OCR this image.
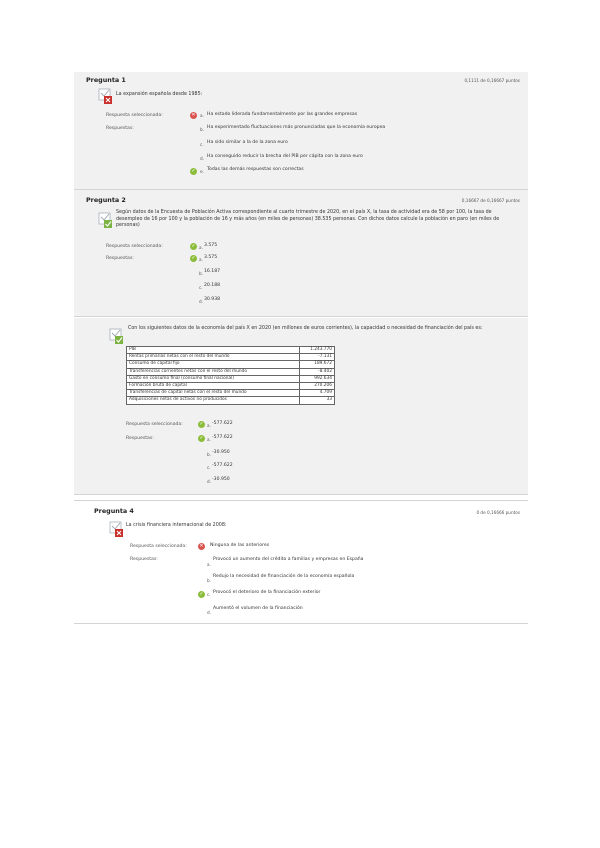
Pregunta 1	0,1111 de 0,16667 puntos
La expansión española desde 1985:
Respuesta seleccionada:	✕	a. Ha estado liderada fundamentalmente por las grandes empresas
Respuestas:	b. Ha experimentado fluctuaciones más pronunciadas que la economía europea
c. Ha sido similar a la de la zona euro
d. Ha conseguido reducir la brecha del PIB per cápita con la zona euro
✓	e. Todas las demás respuestas son correctas
Pregunta 2	0,16667 de 0,16667 puntos
Según datos de la Encuesta de Población Activa correspondiente al cuarto trimestre de 2020, en el país X, la tasa de actividad era de 58 por 100, la tasa de desempleo de 16 por 100 y la población de 16 y más años (en miles de personas) 38.535 personas. Con dichos datos calcule la población en paro (en miles de personas)
Respuesta seleccionada:	✓ a. 3.575
Respuestas:	✓ a. 3.575
b. 16.187
c. 20.188
d. 30.938
Con los siguientes datos de la economía del país X en 2020 (en millones de euros corrientes), la capacidad o necesidad de financiación del país es:
PIB	1.243.770
Rentas primarias netas con el resto del mundo	-7.131
Consumo de capital fijo	189.672
Transferencias corrientes netas con el resto del mundo	-8.402
Gasto en consumo final (consumo final nacional)	992.634
Formación bruta de capital	270.206
Transferencias de capital netas con el resto del mundo	4.709
Adquisiciones netas de activos no producidos	33
Respuesta seleccionada:	✓ a. -577.622
Respuestas:	✓ a. -577.622
b. -30.950
c. -577.622
d. -30.950
Pregunta 4	0 de 0,16666 puntos
La crisis financiera internacional de 2008:
Respuesta seleccionada:	✕	Ninguna de las anteriores
Respuestas:
a.
Provocó un aumento del crédito a familias y empresas en España
b.
Redujo la necesidad de financiación de la economía española
✓ c. Provocó el deterioro de la financiación exterior
d.
Aumentó el volumen de la financiación
